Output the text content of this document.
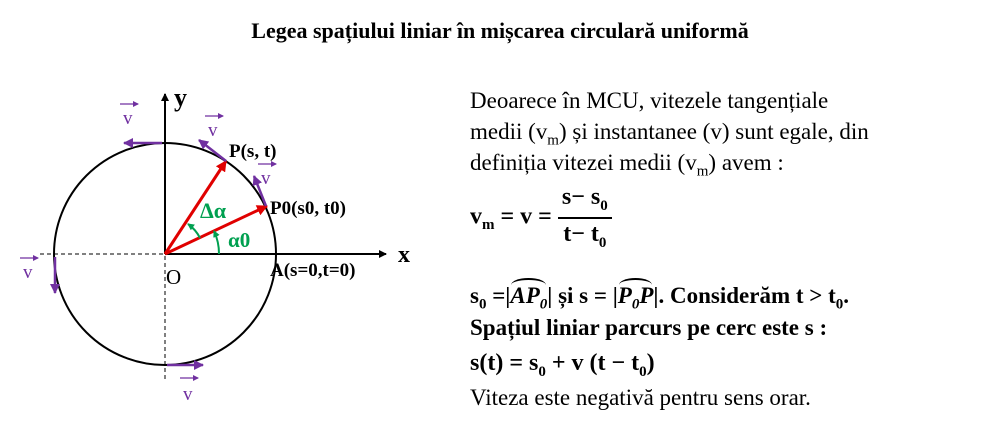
Legea spațiului liniar în mișcarea circulară uniformă
v
v
v
v
v
y
x
O
P(s, t)
P0(s0, t0)
A(s=0,t=0)
Δα
α0
Deoarece în MCU, vitezele tangențiale
medii $(v_m)$ și instantanee (v) sunt egale, din
definiția vitezei medii $(v_m)$ avem :
$v_m = v = \frac{s- s_0}{t- t_0}$
$s_0 =|AP_0|$ și $s = |P_0P|$. Considerăm $t > t_0$.
Spațiul liniar parcurs pe cerc este s :
$s(t) = s_0 + v$ $(t - t_0)$
Viteza este negativă pentru sens orar.
